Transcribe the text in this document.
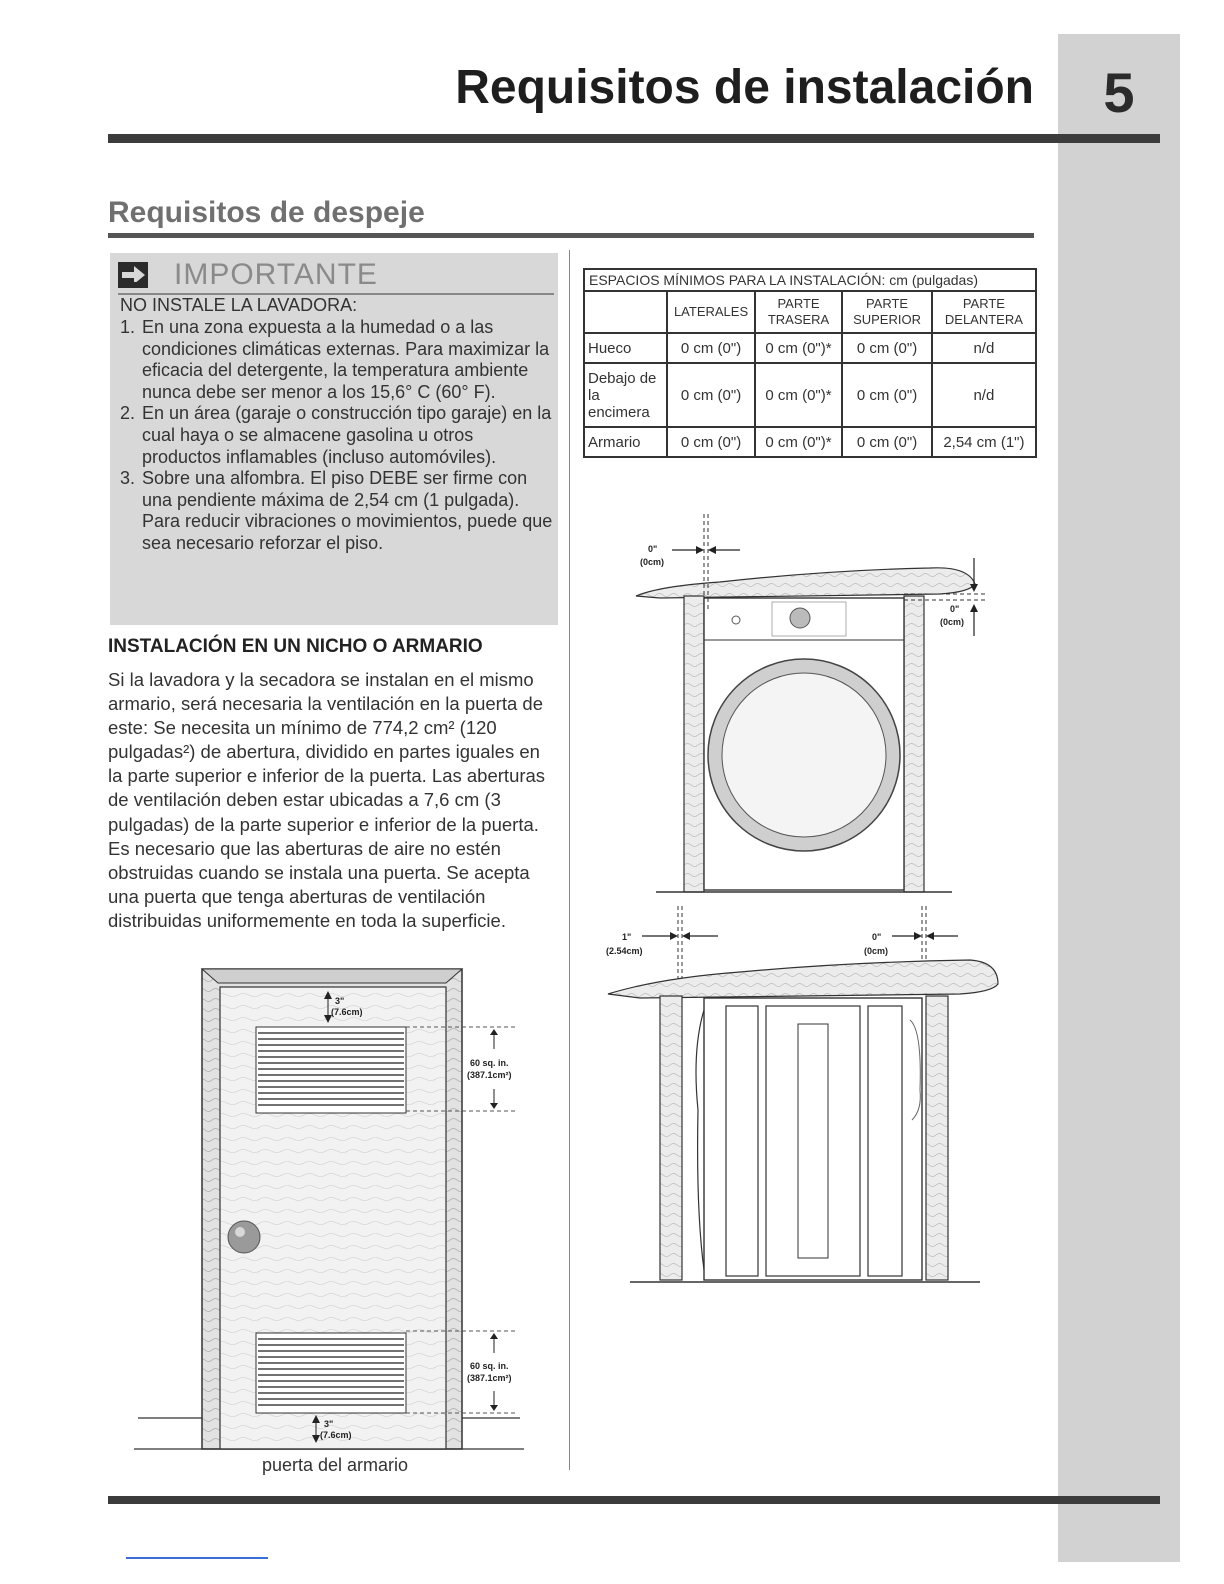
5
Requisitos de instalación
Requisitos de despeje
IMPORTANTE
NO INSTALE LA LAVADORA:
1. En una zona expuesta a la humedad o a las condiciones climáticas externas. Para maximizar la eficacia del detergente, la temperatura ambiente nunca debe ser menor a los 15,6° C (60° F).
2. En un área (garaje o construcción tipo garaje) en la cual haya o se almacene gasolina u otros productos inflamables (incluso automóviles).
3. Sobre una alfombra. El piso DEBE ser firme con una pendiente máxima de 2,54 cm (1 pulgada). Para reducir vibraciones o movimientos, puede que sea necesario reforzar el piso.
INSTALACIÓN EN UN NICHO O ARMARIO
Si la lavadora y la secadora se instalan en el mismo armario, será necesaria la ventilación en la puerta de este: Se necesita un mínimo de 774,2 cm² (120 pulgadas²) de abertura, dividido en partes iguales en la parte superior e inferior de la puerta. Las aberturas de ventilación deben estar ubicadas a 7,6 cm (3 pulgadas) de la parte superior e inferior de la puerta. Es necesario que las aberturas de aire no estén obstruidas cuando se instala una puerta. Se acepta una puerta que tenga aberturas de ventilación distribuidas uniformemente en toda la superficie.
3"
(7.6cm)
60 sq. in.
(387.1cm²)
60 sq. in.
(387.1cm²)
3"
(7.6cm)
puerta del armario
ESPACIOS MÍNIMOS PARA LA INSTALACIÓN: cm (pulgadas)				
	LATERALES	PARTE TRASERA	PARTE SUPERIOR	PARTE DELANTERA
Hueco	0 cm (0")	0 cm (0")*	0 cm (0")	n/d
Debajo de la encimera	0 cm (0")	0 cm (0")*	0 cm (0")	n/d
Armario	0 cm (0")	0 cm (0")*	0 cm (0")	2,54 cm (1")
0"
(0cm)
0"
(0cm)
1"
(2.54cm)
0"
(0cm)
